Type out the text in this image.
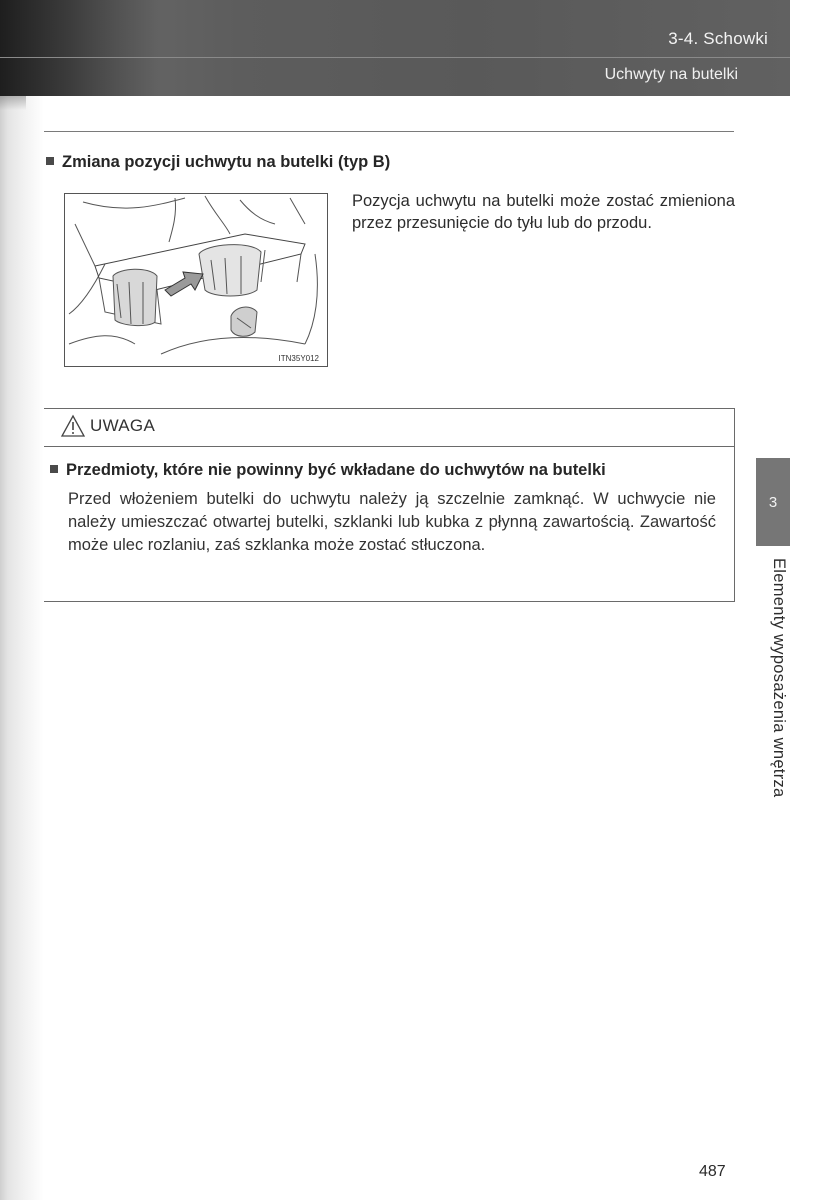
3-4. Schowki
Uchwyty na butelki
Zmiana pozycji uchwytu na butelki (typ B)
ITN35Y012
Pozycja uchwytu na butelki może zostać zmieniona przez przesunięcie do tyłu lub do przodu.
UWAGA
Przedmioty, które nie powinny być wkładane do uchwytów na butelki
Przed włożeniem butelki do uchwytu należy ją szczelnie zamknąć. W uchwycie nie należy umieszczać otwartej butelki, szklanki lub kubka z płynną zawartością. Zawartość może ulec rozlaniu, zaś szklanka może zostać stłuczona.
3
Elementy wyposażenia wnętrza
487
